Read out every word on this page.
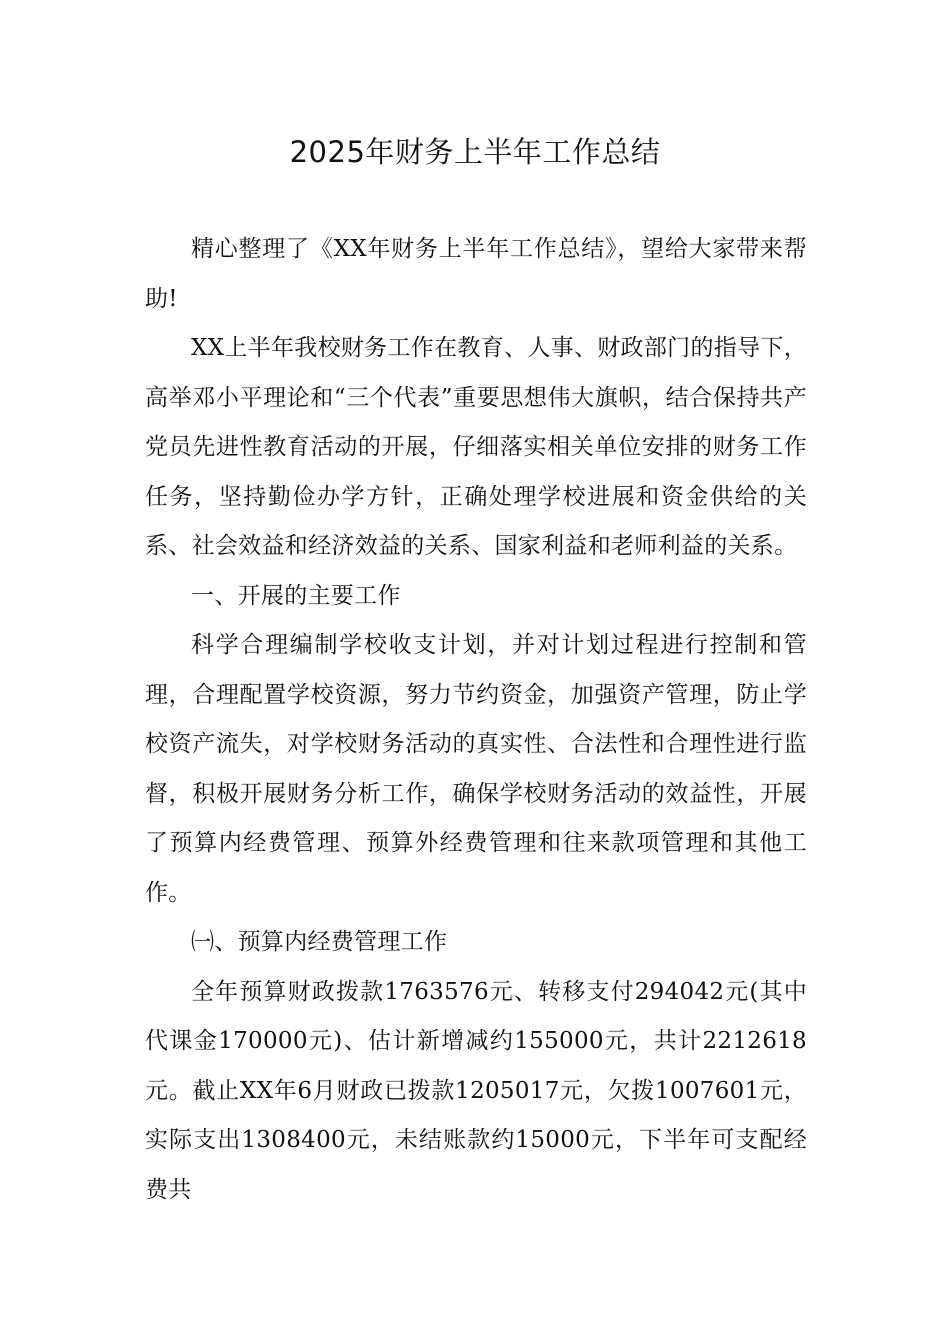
2025年财务上半年工作总结

精心整理了《XX年财务上半年工作总结》，望给大家带来帮助!

XX上半年我校财务工作在教育、人事、财政部门的指导下，高举邓小平理论和“三个代表”重要思想伟大旗帜，结合保持共产党员先进性教育活动的开展，仔细落实相关单位安排的财务工作任务，坚持勤俭办学方针，正确处理学校进展和资金供给的关系、社会效益和经济效益的关系、国家利益和老师利益的关系。

一、开展的主要工作

科学合理编制学校收支计划，并对计划过程进行控制和管理，合理配置学校资源，努力节约资金，加强资产管理，防止学校资产流失，对学校财务活动的真实性、合法性和合理性进行监督，积极开展财务分析工作，确保学校财务活动的效益性，开展了预算内经费管理、预算外经费管理和往来款项管理和其他工作。

㈠、预算内经费管理工作

全年预算财政拨款1763576元、转移支付294042元(其中代课金170000元)、估计新增减约155000元，共计2212618元。截止XX年6月财政已拨款1205017元，欠拨1007601元，实际支出1308400元，未结账款约15000元，下半年可支配经费共
